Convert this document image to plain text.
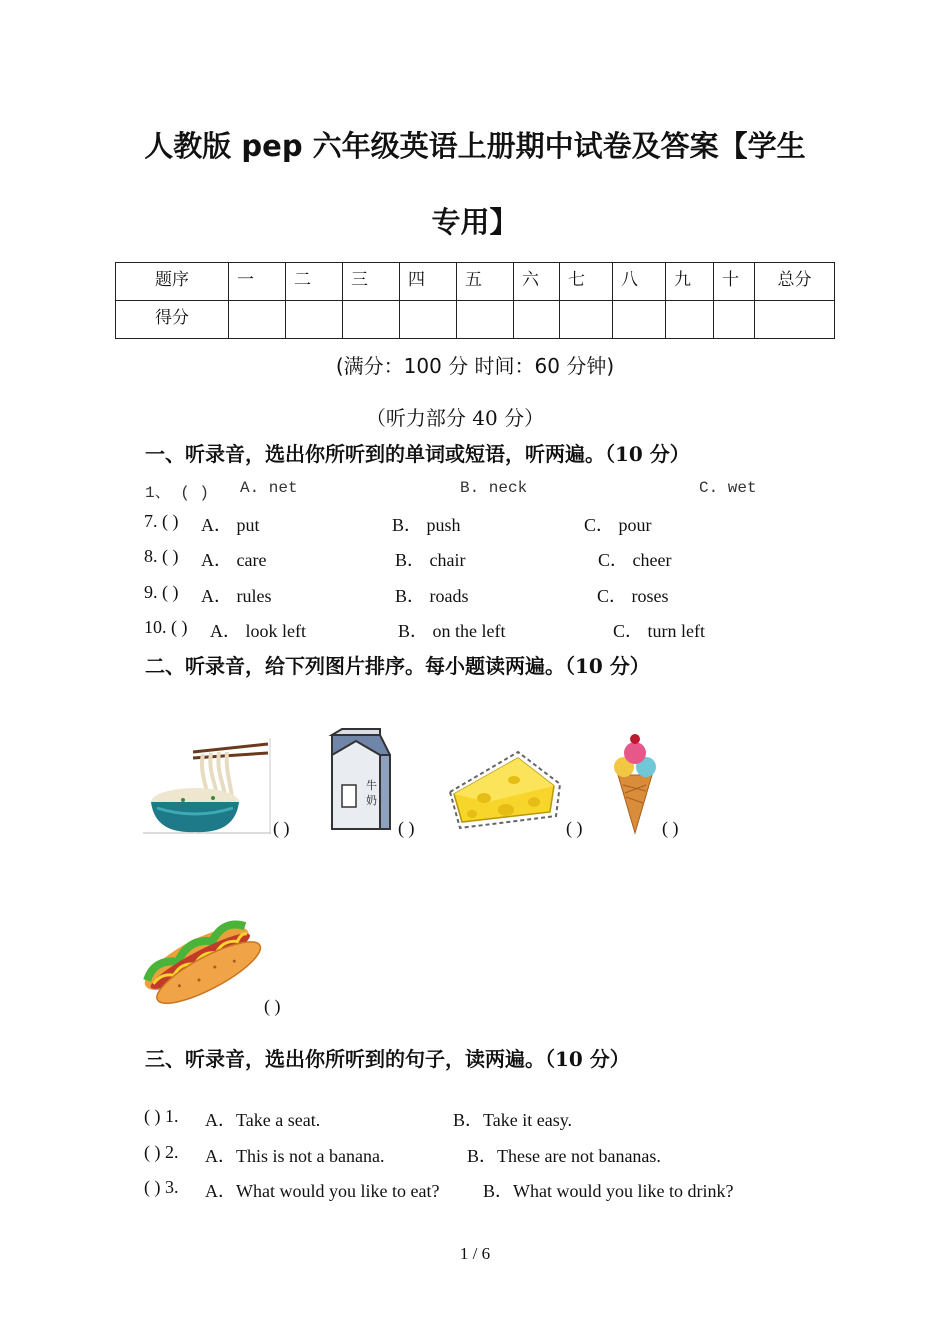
人教版 pep 六年级英语上册期中试卷及答案【学生
专用】
题序	一	二	三	四	五	六	七	八	九	十	总分

得分											

(满分：100 分 时间：60 分钟)
（听力部分 40 分）
一、听录音，选出你所听到的单词或短语，听两遍。（10 分）
1、 ( ) A. net	B. neck	C. wet
7. ( ) A． put	B． push	C． pour
8. ( ) A． care	B． chair	C． cheer
9. ( ) A． rules	B． roads	C． roses
10. ( ) A． look left	B． on the left	C． turn left
二、听录音，给下列图片排序。每小题读两遍。（10 分）
( )
牛
奶
( )	( )	( )
( )
三、听录音，选出你所听到的句子，读两遍。（10 分）
( ) 1. A．Take a seat.	B．Take it easy.
( ) 2. A．This is not a banana.	B．These are not bananas.
( ) 3. A．What would you like to eat? B．What would you like to drink?
1 / 6
